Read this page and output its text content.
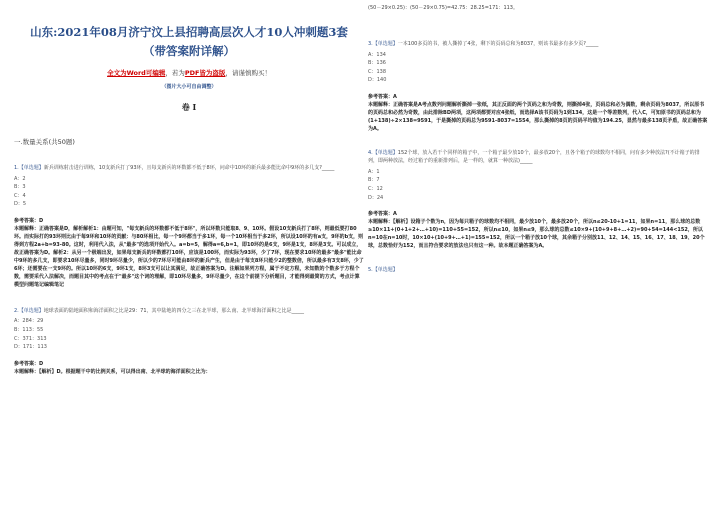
山东:2021年08月济宁汶上县招聘高层次人才10人冲刺题3套
（带答案附详解）
全文为Word可编辑，若为PDF皆为盗版，请谨慎购买！
（图片大小可自由调整）
卷 I
一.数量关系(共50题)
1.【单选题】新兵训练射击进行训练，10支新兵打了93环，且每支新兵的环数都不低于8环，问命中10环的新兵最多能比命中9环的多几支?_____
A：2
B：3
C：4
D：5
参考答案：D
本题解释：正确答案是D，解析解析1：由题可知，"每支新兵的环数都不低于8环"，所以环数只能取8、9、10环。假设10支新兵打了8环，则最低要打80环。而实际打的93环则比由于每9环和10环的贡献：与80环相比，每一个9环都当于多1环，每一个10环相当于多2环，所以设10环的有a支，9环的b支，则得到方程2a+b=93-80。这时，利用代入法，从"最多"的选项开始代入。a=b=5，解得a=6,b=1，即10环的是6支，9环是1支，8环是3支。可以成立，故正确答案为D。解析2：从另一个极端出发，如果每支新兵的环数都打10环，应该是100环，而实际为93环，少了7环，现在要求10环的最多"最多"能比命中9环的多几支，即要求10环尽量多，同时9环尽量少，所以少的7环尽可能由8环的新兵产生，但是由于每支8环只能少2的整数倍，所以最多有3支8环，少了6环；还需要在一支9环的。所以10环的6支，9环1支，8环3支可以让其满足，故正确答案为D。注解如果列方程，属于不定方程，未知数的个数多于方程个数，需要采代入法解决，而题目其中的考点在于"最多"这个词的理解，即10环尽量多，9环尽量少，在这个前提下分析题目，才能得到最简的方式，考点计算模型问题笔记编辑笔记
2.【单选题】地球表面的陆地面积和海洋面积之比是29：71，其中陆地的四分之三在北半球，那么南、北半球海洋面积之比是_____
A：284：29
B：113：55
C：371：313
D：171：113
参考答案：D
本题解释：【解析】D。根据题干中的比例关系，可以得出南、北半球的海洋面积之比为：
(50－29×0.25)：(50－29×0.75)=42.75：28.25=171：113。
3.【单选题】一本100多页的书，被人撕掉了4张，剩下的页码总和为8037，则该书最多有多少页?_____
A：134
B：136
C：138
D：140
参考答案：A
本题解释：正确答案是A考点数列问题解析撕掉一张纸，其正反面的两个页码之和为奇数，则撕掉4张，页码总和必为偶数，剩余页码为8037，所以原书的页码总和必然为奇数，由此排除BD两项，这两项都要对应4张纸，而选择A该书页码为1到134，这是一个等差数列，代入C，可知原书的页码总和为(1+138)÷2×138=9591，于是撕掉的页码总为9591-8037=1554，那么撕掉的8页的页码平均值为194.25，显然与最多138页矛盾，故正确答案为A。
4.【单选题】152个球，放入若干个同样的箱子中，一个箱子最少放10个，最多放20个，且各个箱子的球数均不相同，问有多少种放法?(不计箱子的排列，即两种放法，经过箱子的重新排列后，是一样的，就算一种放法)_____
A：1
B：7
C：12
D：24
参考答案：A
本题解释：【解析】设箱子个数为n，因为每只箱子的球数均不相同，最少放10个，最多放20个，所以n≤20-10+1=11，如果n=11，那么球的总数≥10×11+(0+1+2+…+10)=110+55=152，所以n≤10，如果n≤9，那么球的总数≤10×9+(10+9+8+…+2)=90+54=144<152，所以n=10在n=10时，10×10+(10+9+…+1)=155=152，所以一个箱子放10个球，其余箱子分别放11、12、14、15、16、17、18、19、20个球，总数恰好为152，而且符合要求的放法也只有这一种。故本题正确答案为A。
5.【单选题】
